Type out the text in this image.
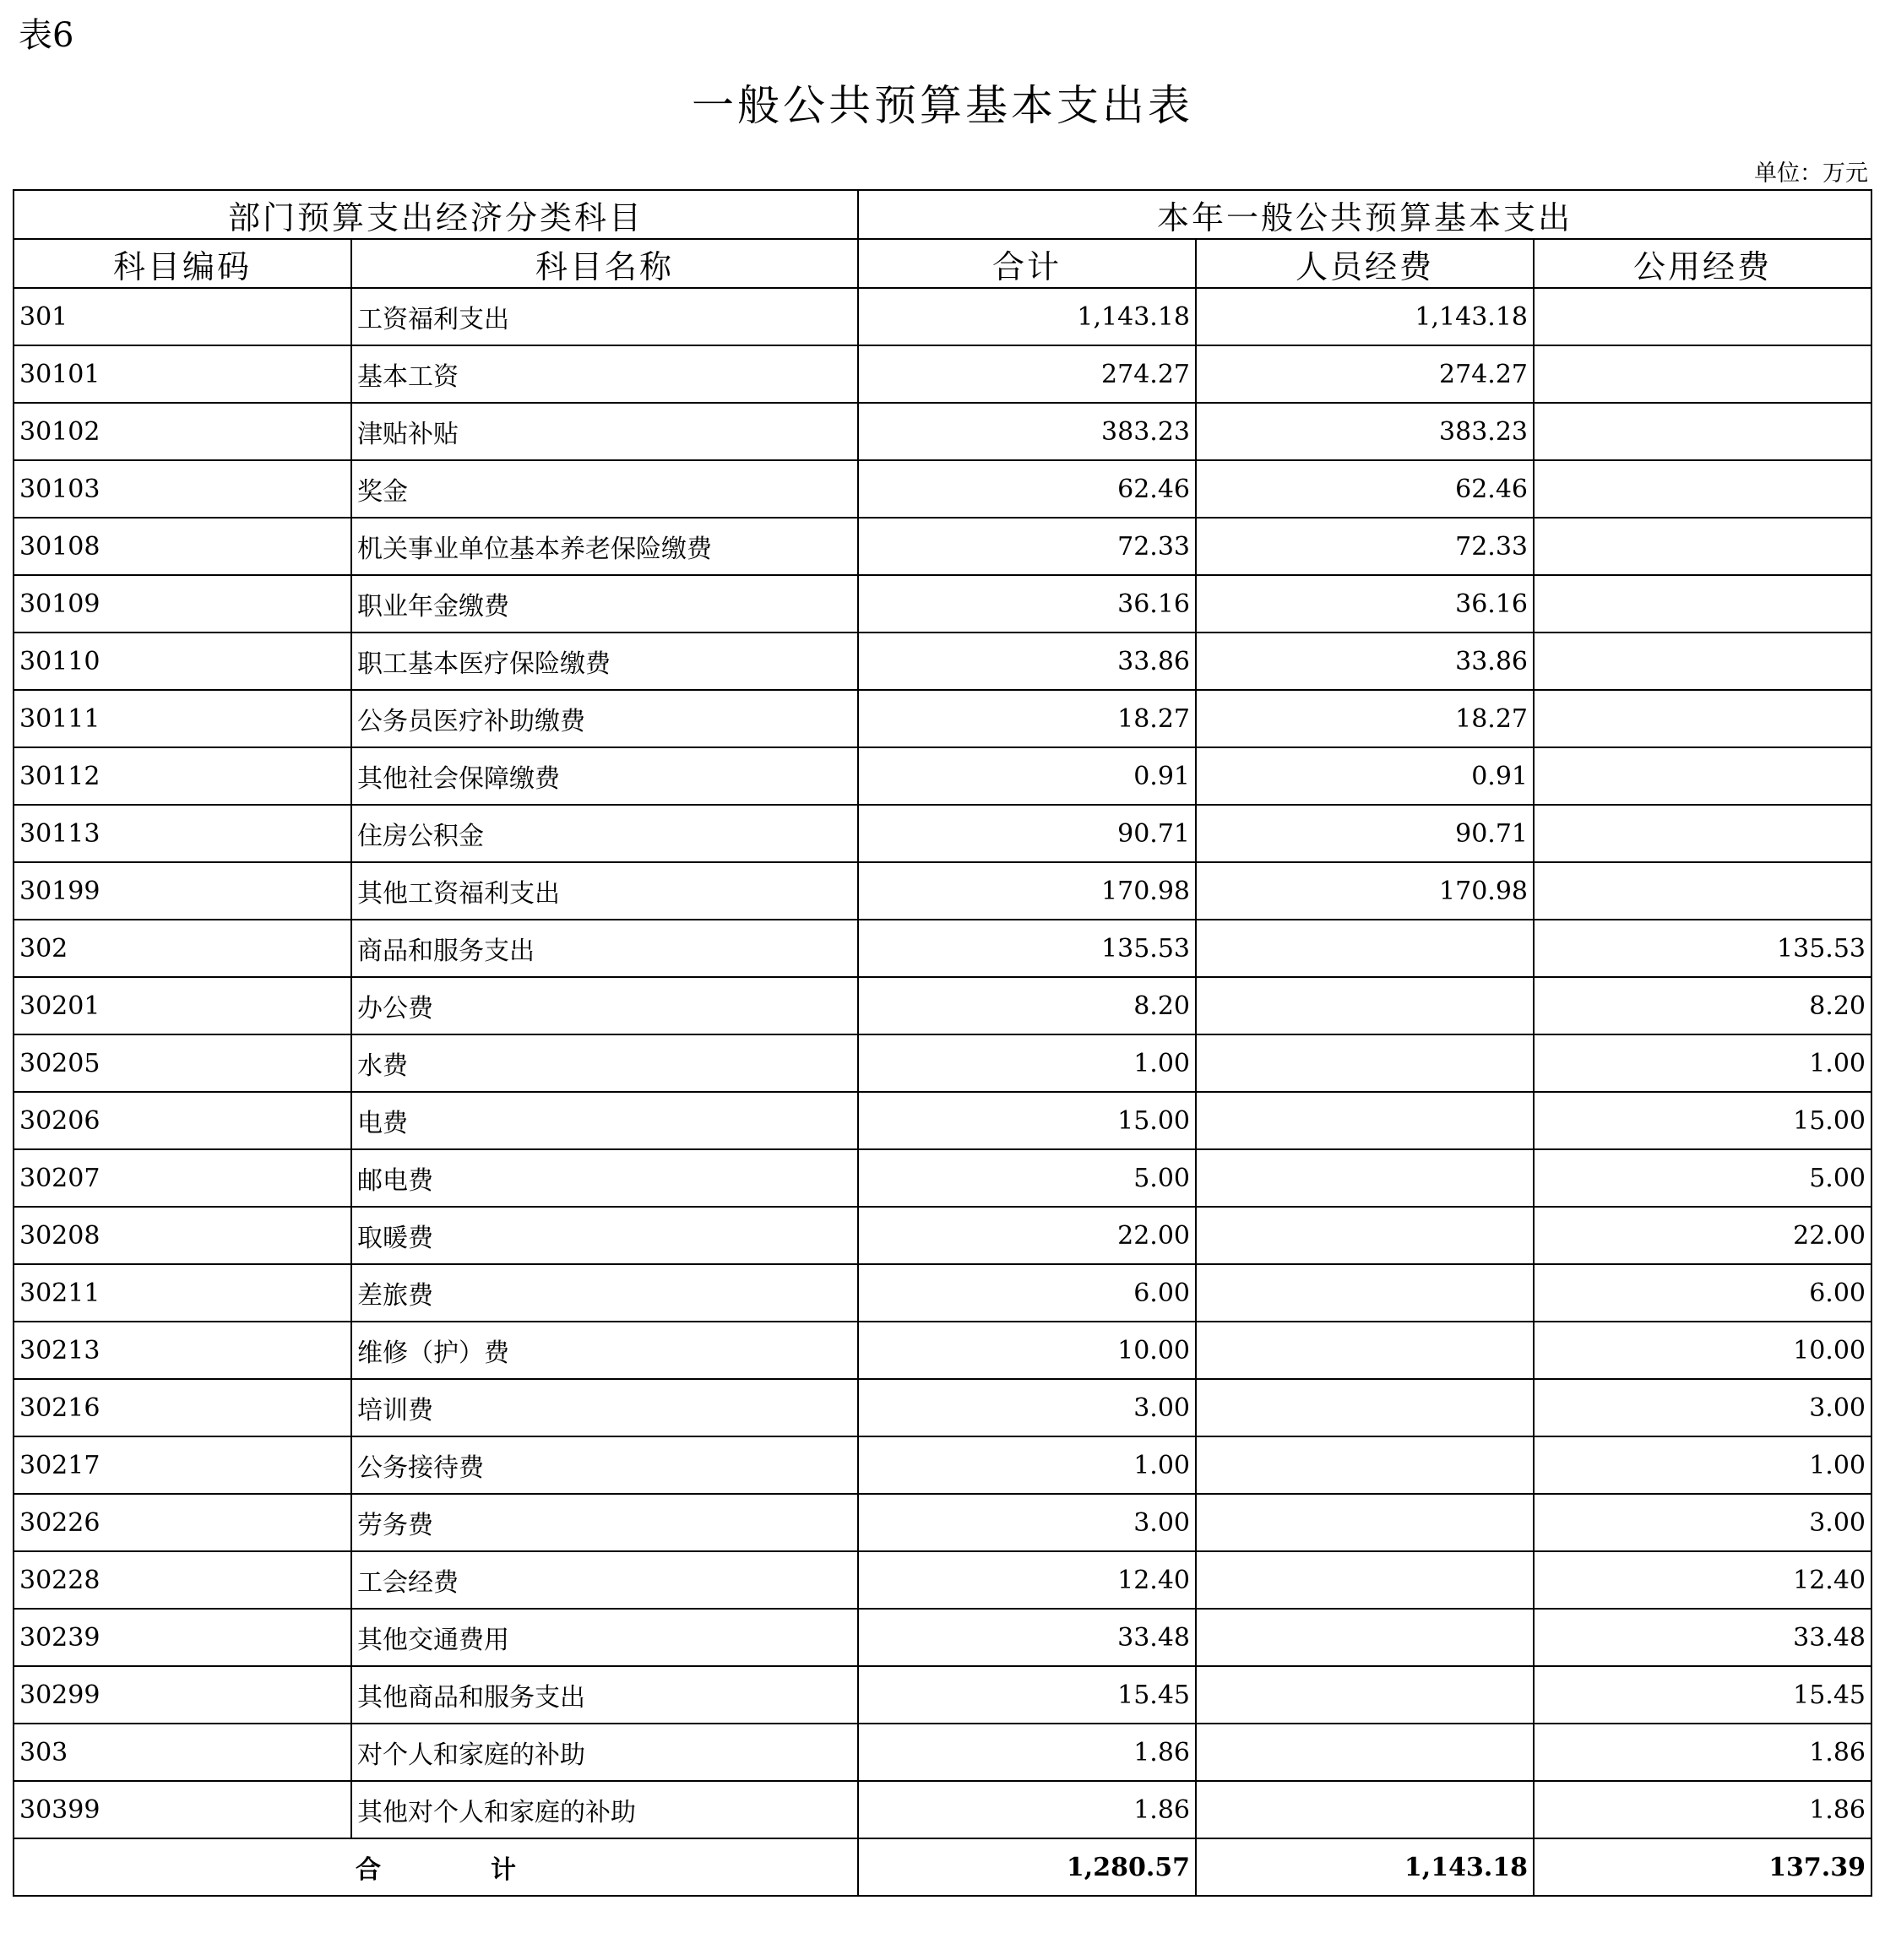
表6
一般公共预算基本支出表
单位：万元
部门预算支出经济分类科目		本年一般公共预算基本支出		
科目编码	科目名称	合计	人员经费	公用经费
301	工资福利支出	1,143.18	1,143.18	
30101	基本工资	274.27	274.27	
30102	津贴补贴	383.23	383.23	
30103	奖金	62.46	62.46	
30108	机关事业单位基本养老保险缴费	72.33	72.33	
30109	职业年金缴费	36.16	36.16	
30110	职工基本医疗保险缴费	33.86	33.86	
30111	公务员医疗补助缴费	18.27	18.27	
30112	其他社会保障缴费	0.91	0.91	
30113	住房公积金	90.71	90.71	
30199	其他工资福利支出	170.98	170.98	
302	商品和服务支出	135.53		135.53
30201	办公费	8.20		8.20
30205	水费	1.00		1.00
30206	电费	15.00		15.00
30207	邮电费	5.00		5.00
30208	取暖费	22.00		22.00
30211	差旅费	6.00		6.00
30213	维修（护）费	10.00		10.00
30216	培训费	3.00		3.00
30217	公务接待费	1.00		1.00
30226	劳务费	3.00		3.00
30228	工会经费	12.40		12.40
30239	其他交通费用	33.48		33.48
30299	其他商品和服务支出	15.45		15.45
303	对个人和家庭的补助	1.86		1.86
30399	其他对个人和家庭的补助	1.86		1.86
合 计		1,280.57	1,143.18	137.39
